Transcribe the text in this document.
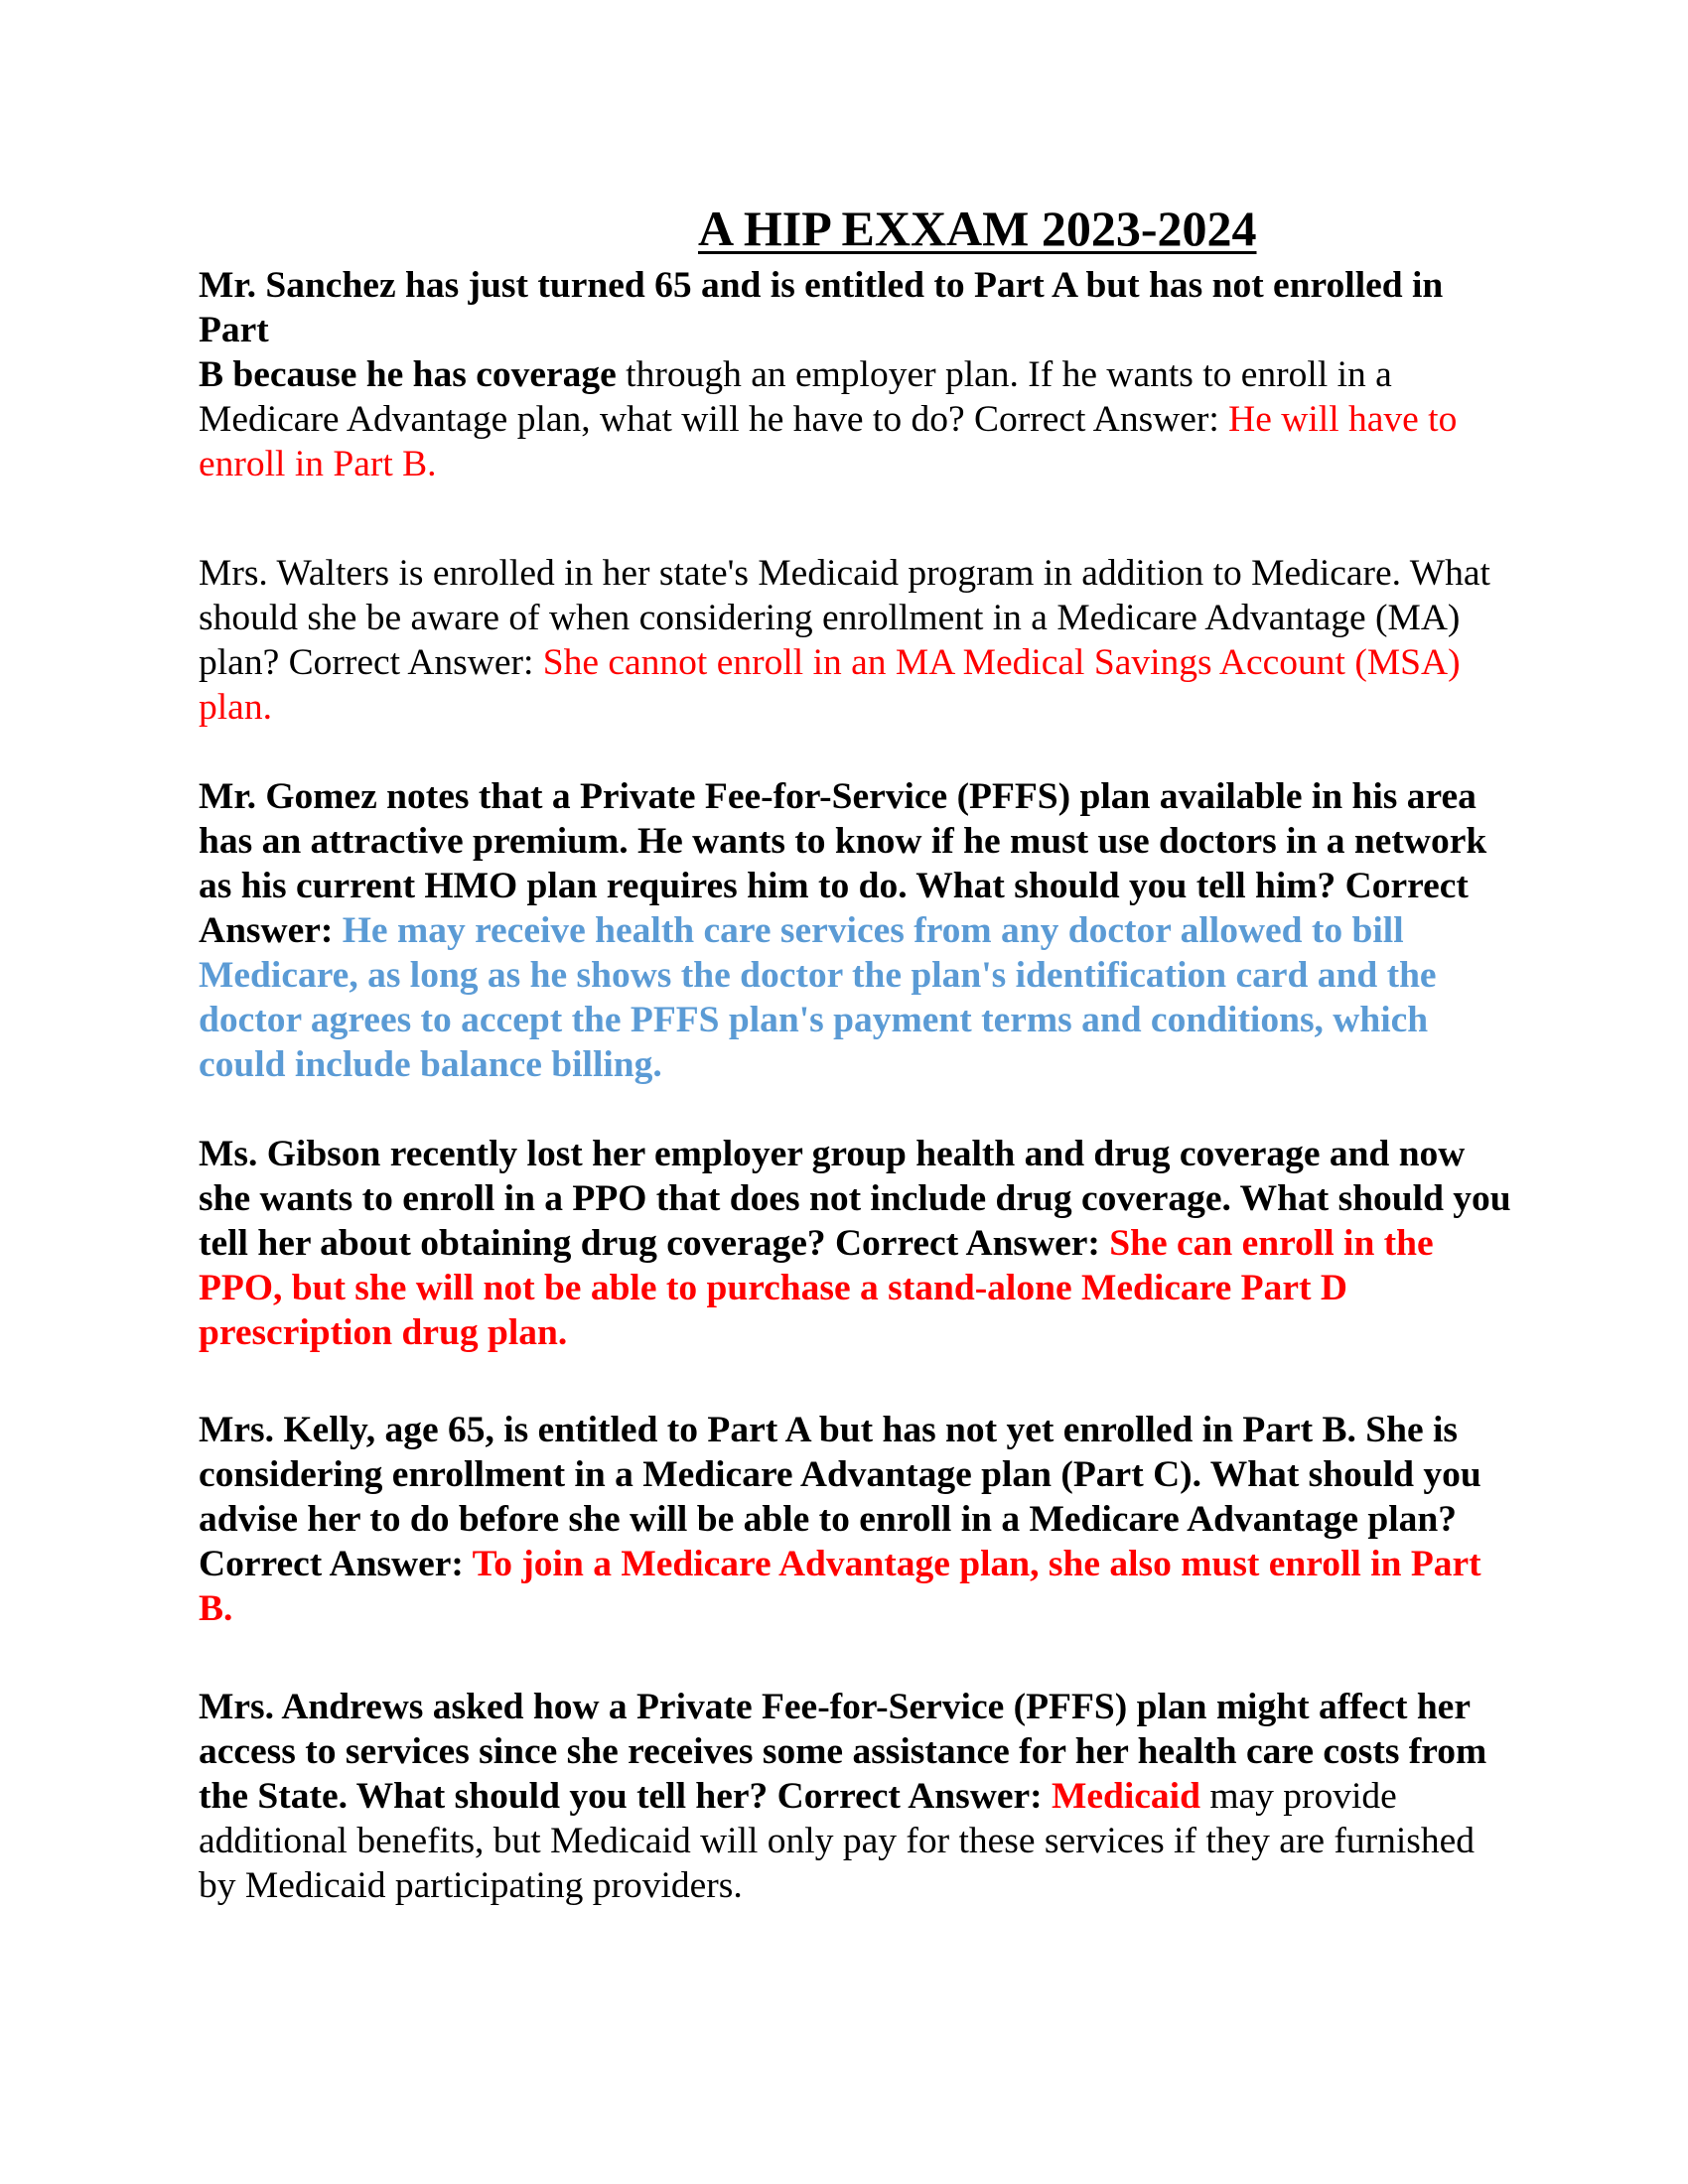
A HIP EXXAM 2023-2024

Mr. Sanchez has just turned 65 and is entitled to Part A but has not enrolled in Part
B because he has coverage through an employer plan. If he wants to enroll in a Medicare Advantage plan, what will he have to do? Correct Answer: He will have to enroll in Part B.

Mrs. Walters is enrolled in her state's Medicaid program in addition to Medicare. What should she be aware of when considering enrollment in a Medicare Advantage (MA) plan? Correct Answer: She cannot enroll in an MA Medical Savings Account (MSA) plan.

Mr. Gomez notes that a Private Fee-for-Service (PFFS) plan available in his area has an attractive premium. He wants to know if he must use doctors in a network as his current HMO plan requires him to do. What should you tell him? Correct Answer: He may receive health care services from any doctor allowed to bill Medicare, as long as he shows the doctor the plan's identification card and the doctor agrees to accept the PFFS plan's payment terms and conditions, which could include balance billing.

Ms. Gibson recently lost her employer group health and drug coverage and now she wants to enroll in a PPO that does not include drug coverage. What should you tell her about obtaining drug coverage? Correct Answer: She can enroll in the PPO, but she will not be able to purchase a stand-alone Medicare Part D prescription drug plan.

Mrs. Kelly, age 65, is entitled to Part A but has not yet enrolled in Part B. She is considering enrollment in a Medicare Advantage plan (Part C). What should you advise her to do before she will be able to enroll in a Medicare Advantage plan? Correct Answer: To join a Medicare Advantage plan, she also must enroll in Part B.

Mrs. Andrews asked how a Private Fee-for-Service (PFFS) plan might affect her access to services since she receives some assistance for her health care costs from the State. What should you tell her? Correct Answer: Medicaid may provide additional benefits, but Medicaid will only pay for these services if they are furnished by Medicaid participating providers.
